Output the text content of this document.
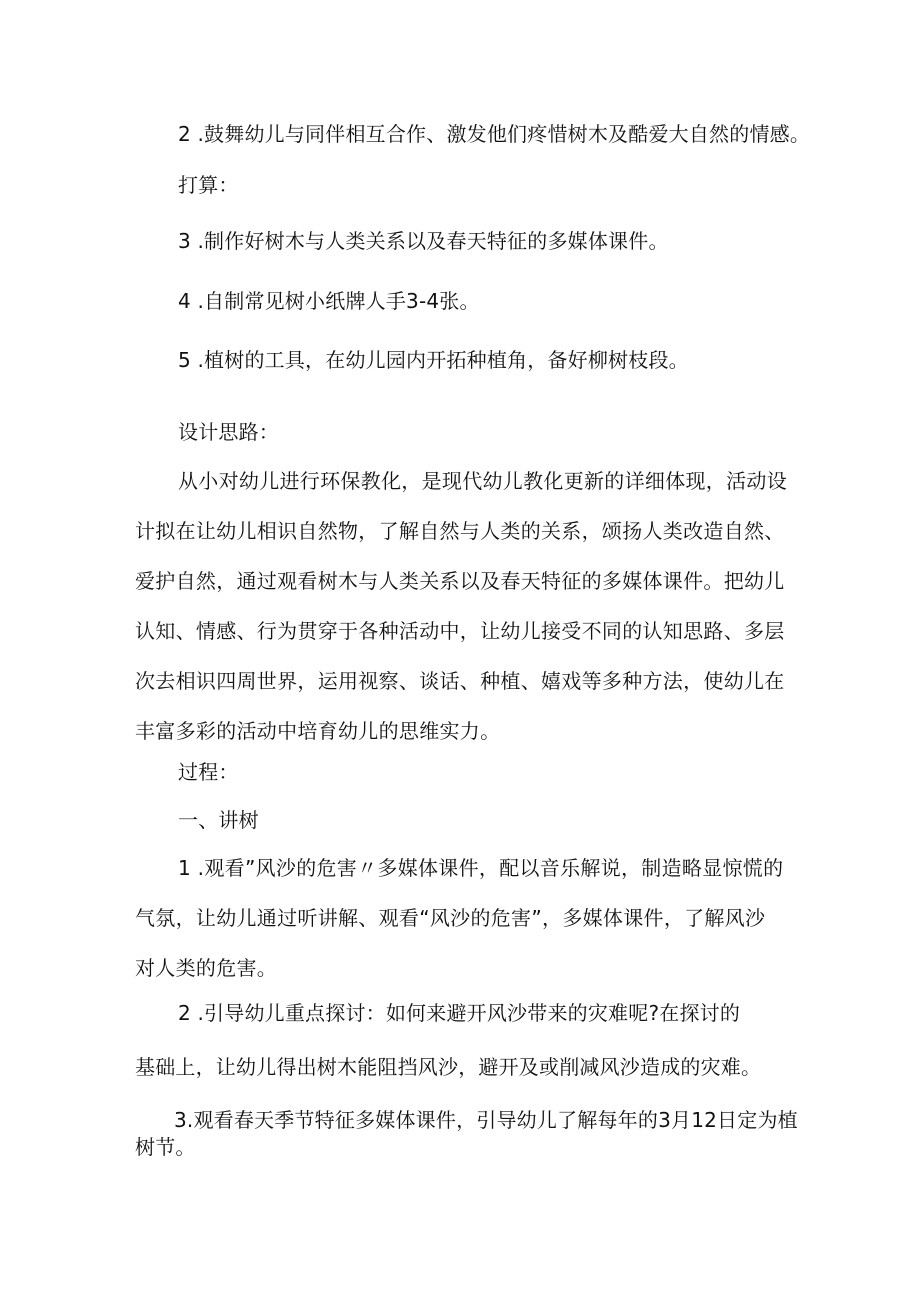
2 .鼓舞幼儿与同伴相互合作、激发他们疼惜树木及酷爱大自然的情感。
打算：
3 .制作好树木与人类关系以及春天特征的多媒体课件。
4 .自制常见树小纸牌人手3-4张。
5 .植树的工具，在幼儿园内开拓种植角，备好柳树枝段。
设计思路：
从小对幼儿进行环保教化，是现代幼儿教化更新的详细体现，活动设
计拟在让幼儿相识自然物，了解自然与人类的关系，颂扬人类改造自然、
爱护自然，通过观看树木与人类关系以及春天特征的多媒体课件。把幼儿
认知、情感、行为贯穿于各种活动中，让幼儿接受不同的认知思路、多层
次去相识四周世界，运用视察、谈话、种植、嬉戏等多种方法，使幼儿在
丰富多彩的活动中培育幼儿的思维实力。
过程：
一、讲树
1 .观看”风沙的危害〃多媒体课件，配以音乐解说，制造略显惊慌的
气氛，让幼儿通过听讲解、观看“风沙的危害”，多媒体课件，了解风沙
对人类的危害。
2 .引导幼儿重点探讨：如何来避开风沙带来的灾难呢?在探讨的
基础上，让幼儿得出树木能阻挡风沙，避开及或削减风沙造成的灾难。
3.观看春天季节特征多媒体课件，引导幼儿了解每年的3月12日定为植
树节。
